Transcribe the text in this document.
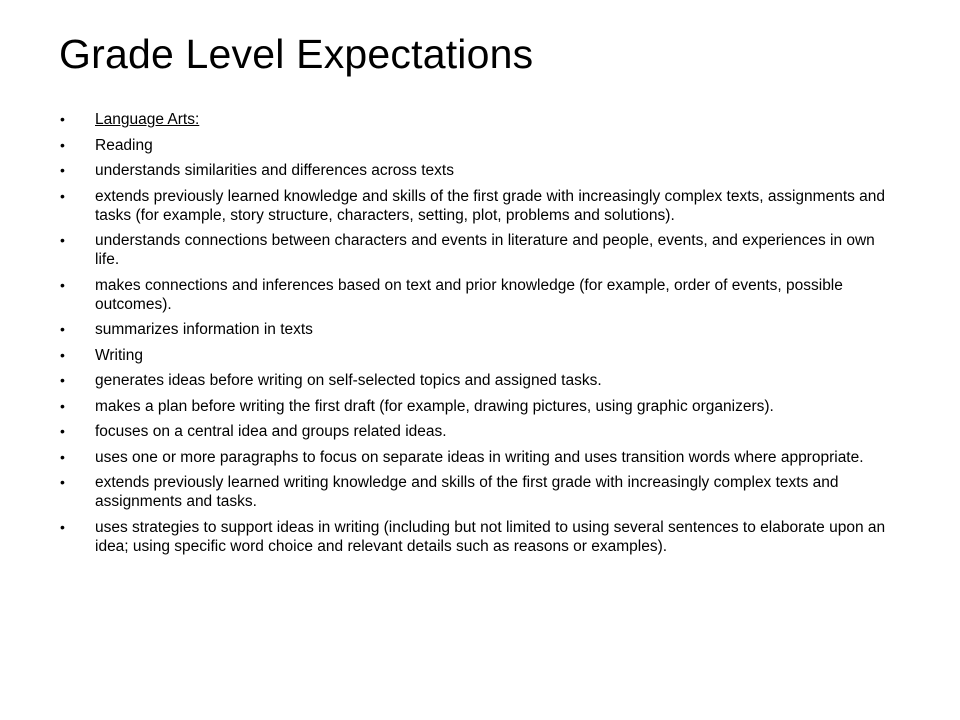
Grade Level Expectations
• Language Arts:
• Reading
• understands similarities and differences across texts
• extends previously learned knowledge and skills of the first grade with increasingly complex texts, assignments and tasks (for example, story structure, characters, setting, plot, problems and solutions).
• understands connections between characters and events in literature and people, events, and experiences in own life.
• makes connections and inferences based on text and prior knowledge (for example, order of events, possible outcomes).
• summarizes information in texts
• Writing
• generates ideas before writing on self-selected topics and assigned tasks.
• makes a plan before writing the first draft (for example, drawing pictures, using graphic organizers).
• focuses on a central idea and groups related ideas.
• uses one or more paragraphs to focus on separate ideas in writing and uses transition words where appropriate.
• extends previously learned writing knowledge and skills of the first grade with increasingly complex texts and assignments and tasks.
• uses strategies to support ideas in writing (including but not limited to using several sentences to elaborate upon an idea; using specific word choice and relevant details such as reasons or examples).
